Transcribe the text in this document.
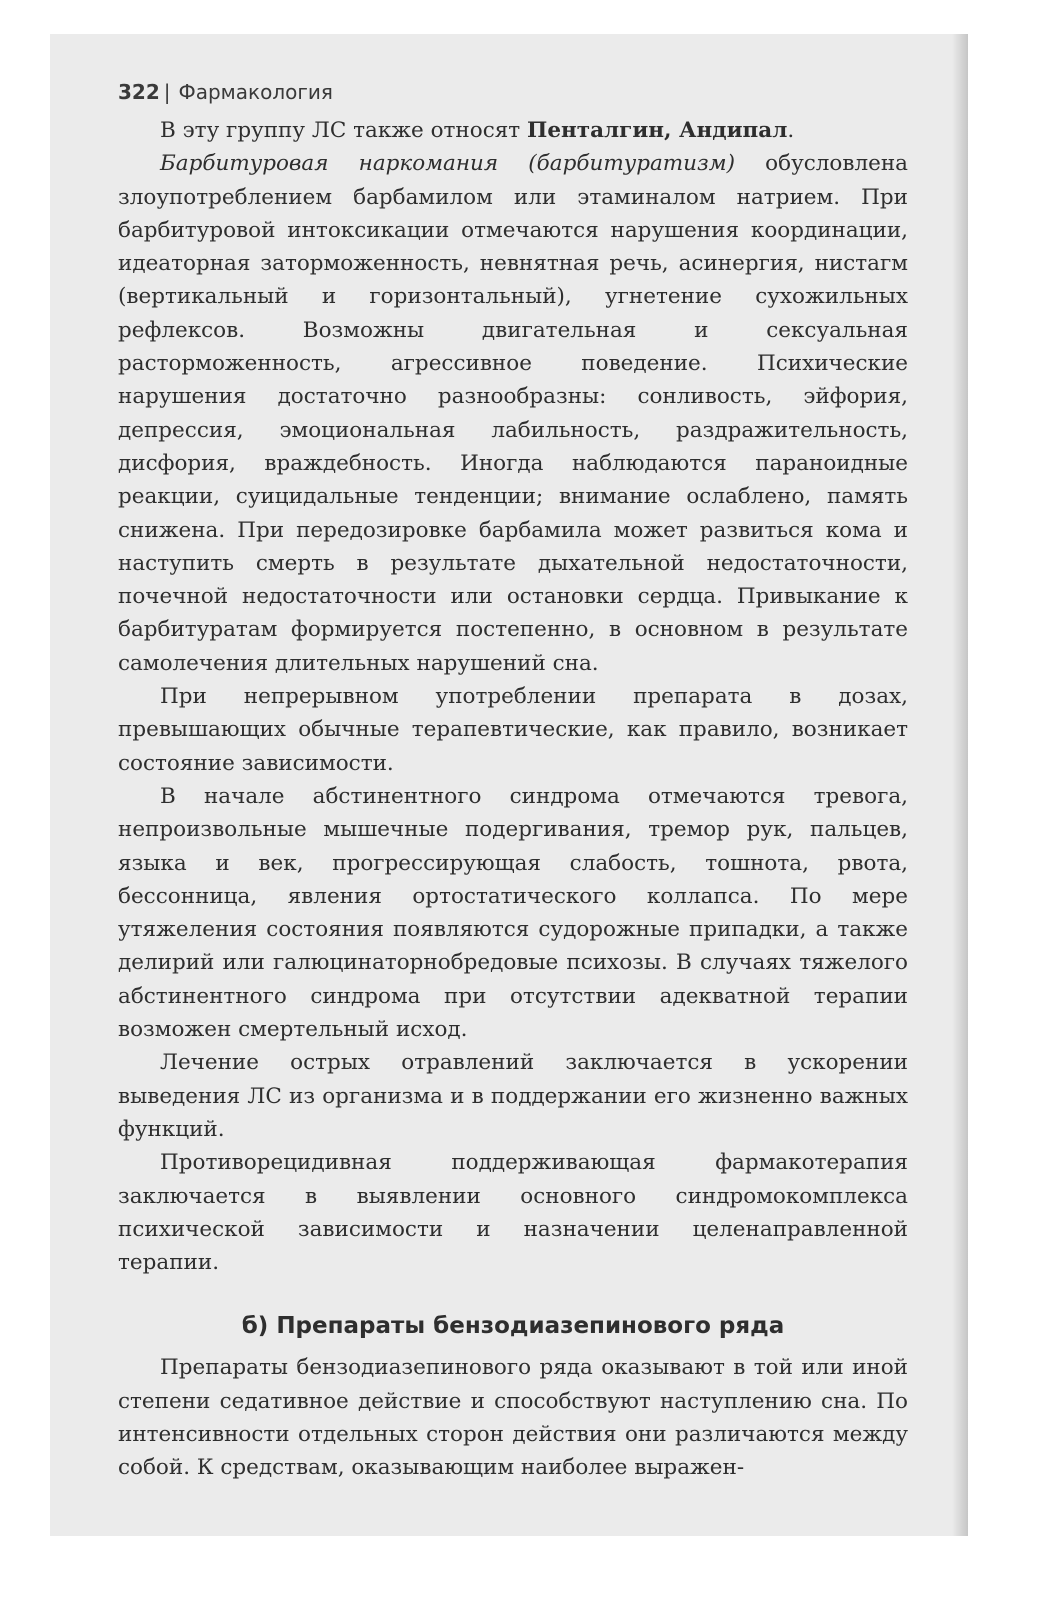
322 | Фармакология

В эту группу ЛС также относят Пенталгин, Андипал.

Барбитуровая наркомания (барбитуратизм) обусловлена злоупотреблением барбамилом или этаминалом натрием. При барбитуровой интоксикации отмечаются нарушения координации, идеаторная заторможенность, невнятная речь, асинергия, нистагм (вертикальный и горизонтальный), угнетение сухожильных рефлексов. Возможны двигательная и сексуальная расторможенность, агрессивное поведение. Психические нарушения достаточно разнообразны: сонливость, эйфория, депрессия, эмоциональная лабильность, раздражительность, дисфория, враждебность. Иногда наблюдаются параноидные реакции, суицидальные тенденции; внимание ослаблено, память снижена. При передозировке барбамила может развиться кома и наступить смерть в результате дыхательной недостаточности, почечной недостаточности или остановки сердца. Привыкание к барбитуратам формируется постепенно, в основном в результате самолечения длительных нарушений сна.

При непрерывном употреблении препарата в дозах, превышающих обычные терапевтические, как правило, возникает состояние зависимости.

В начале абстинентного синдрома отмечаются тревога, непроизвольные мышечные подергивания, тремор рук, пальцев, языка и век, прогрессирующая слабость, тошнота, рвота, бессонница, явления ортостатического коллапса. По мере утяжеления состояния появляются судорожные припадки, а также делирий или галюцинаторнобредовые психозы. В случаях тяжелого абстинентного синдрома при отсутствии адекватной терапии возможен смертельный исход.

Лечение острых отравлений заключается в ускорении выведения ЛС из организма и в поддержании его жизненно важных функций.

Противорецидивная поддерживающая фармакотерапия заключается в выявлении основного синдромокомплекса психической зависимости и назначении целенаправленной терапии.

б) Препараты бензодиазепинового ряда

Препараты бензодиазепинового ряда оказывают в той или иной степени седативное действие и способствуют наступлению сна. По интенсивности отдельных сторон действия они различаются между собой. К средствам, оказывающим наиболее выражен-
